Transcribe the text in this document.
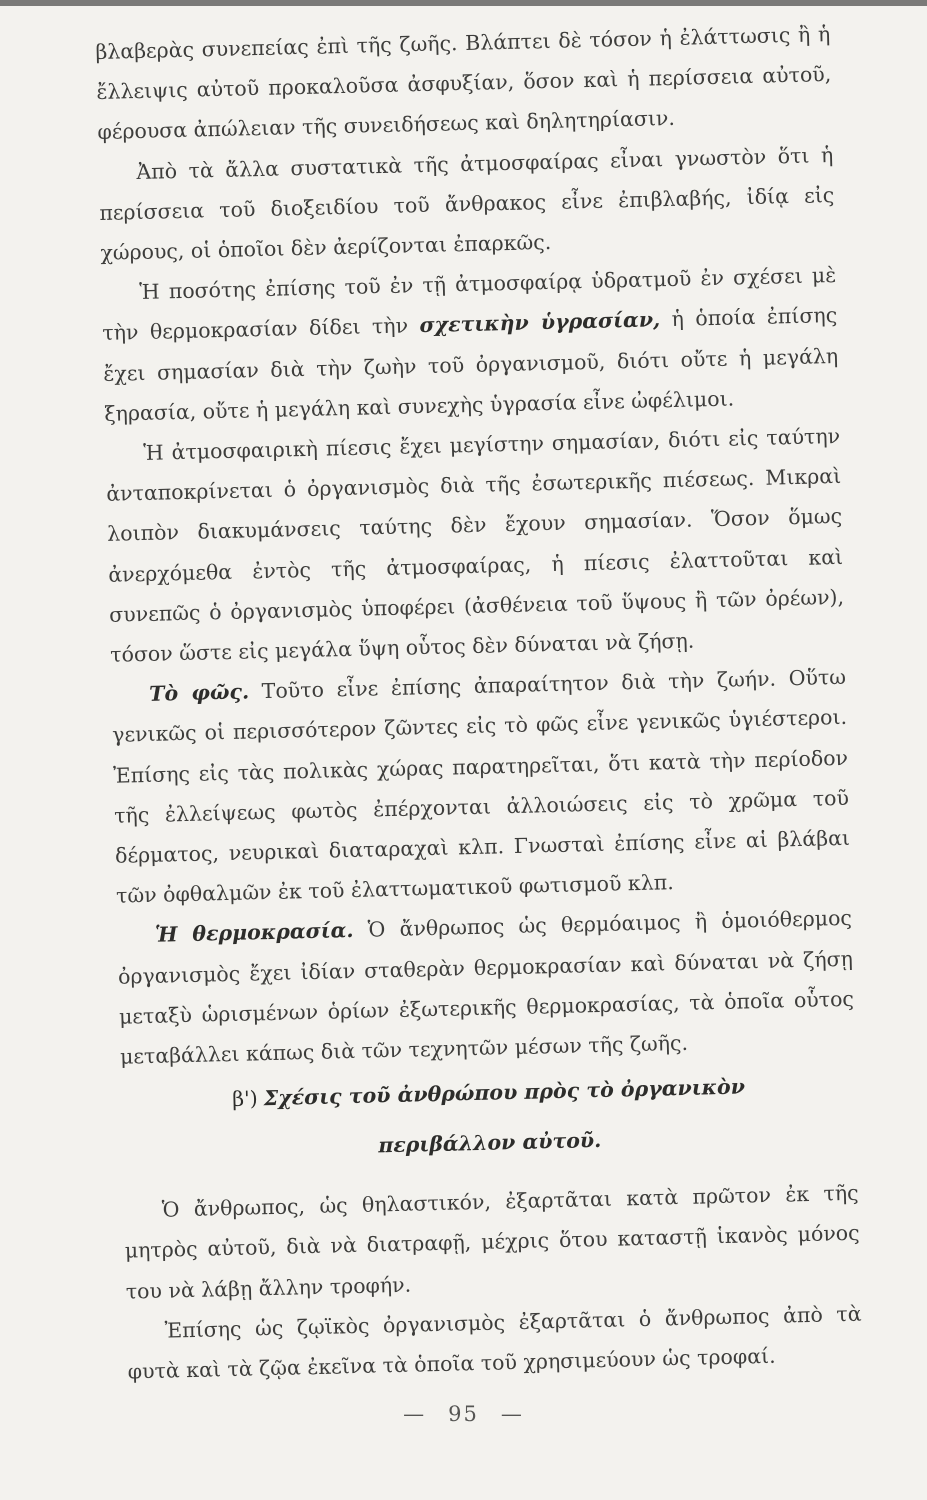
βλαβερὰς συνεπείας ἐπὶ τῆς ζωῆς. Βλάπτει δὲ τόσον ἡ ἐλάττωσις ἢ ἡ ἔλλειψις αὐτοῦ προκαλοῦσα ἀσφυξίαν, ὅσον καὶ ἡ περίσσεια αὐτοῦ, φέρουσα ἀπώλειαν τῆς συνειδήσεως καὶ δηλητηρίασιν.

Ἀπὸ τὰ ἄλλα συστατικὰ τῆς ἀτμοσφαίρας εἶναι γνωστὸν ὅτι ἡ περίσσεια τοῦ διοξειδίου τοῦ ἄνθρακος εἶνε ἐπιβλαβής, ἰδίᾳ εἰς χώρους, οἱ ὁποῖοι δὲν ἀερίζονται ἐπαρκῶς.

Ἡ ποσότης ἐπίσης τοῦ ἐν τῇ ἀτμοσφαίρᾳ ὑδρατμοῦ ἐν σχέσει μὲ τὴν θερμοκρασίαν δίδει τὴν σχετικὴν ὑγρασίαν, ἡ ὁποία ἐπίσης ἔχει σημασίαν διὰ τὴν ζωὴν τοῦ ὀργανισμοῦ, διότι οὔτε ἡ μεγάλη ξηρασία, οὔτε ἡ μεγάλη καὶ συνεχὴς ὑγρασία εἶνε ὠφέλιμοι.

Ἡ ἀτμοσφαιρικὴ πίεσις ἔχει μεγίστην σημασίαν, διότι εἰς ταύτην ἀνταποκρίνεται ὁ ὀργανισμὸς διὰ τῆς ἐσωτερικῆς πιέσεως. Μικραὶ λοιπὸν διακυμάνσεις ταύτης δὲν ἔχουν σημασίαν. Ὅσον ὅμως ἀνερχόμεθα ἐντὸς τῆς ἀτμοσφαίρας, ἡ πίεσις ἐλαττοῦται καὶ συνεπῶς ὁ ὀργανισμὸς ὑποφέρει (ἀσθένεια τοῦ ὕψους ἢ τῶν ὀρέων), τόσον ὥστε εἰς μεγάλα ὕψη οὗτος δὲν δύναται νὰ ζήσῃ.

Τὸ φῶς. Τοῦτο εἶνε ἐπίσης ἀπαραίτητον διὰ τὴν ζωήν. Οὕτω γενικῶς οἱ περισσότερον ζῶντες εἰς τὸ φῶς εἶνε γενικῶς ὑγιέστεροι. Ἐπίσης εἰς τὰς πολικὰς χώρας παρατηρεῖται, ὅτι κατὰ τὴν περίοδον τῆς ἐλλείψεως φωτὸς ἐπέρχονται ἀλλοιώσεις εἰς τὸ χρῶμα τοῦ δέρματος, νευρικαὶ διαταραχαὶ κλπ. Γνωσταὶ ἐπίσης εἶνε αἱ βλάβαι τῶν ὀφθαλμῶν ἐκ τοῦ ἐλαττωματικοῦ φωτισμοῦ κλπ.

Ἡ θερμοκρασία. Ὁ ἄνθρωπος ὡς θερμόαιμος ἢ ὁμοιόθερμος ὀργανισμὸς ἔχει ἰδίαν σταθερὰν θερμοκρασίαν καὶ δύναται νὰ ζήσῃ μεταξὺ ὡρισμένων ὁρίων ἐξωτερικῆς θερμοκρασίας, τὰ ὁποῖα οὗτος μεταβάλλει κάπως διὰ τῶν τεχνητῶν μέσων τῆς ζωῆς.

β') Σχέσις τοῦ ἀνθρώπου πρὸς τὸ ὀργανικὸν
περιβάλλον αὐτοῦ.

Ὁ ἄνθρωπος, ὡς θηλαστικόν, ἐξαρτᾶται κατὰ πρῶτον ἐκ τῆς μητρὸς αὐτοῦ, διὰ νὰ διατραφῇ, μέχρις ὅτου καταστῇ ἱκανὸς μόνος του νὰ λάβῃ ἄλλην τροφήν.

Ἐπίσης ὡς ζῳϊκὸς ὀργανισμὸς ἐξαρτᾶται ὁ ἄνθρωπος ἀπὸ τὰ φυτὰ καὶ τὰ ζῷα ἐκεῖνα τὰ ὁποῖα τοῦ χρησιμεύουν ὡς τροφαί.

— 95 —
